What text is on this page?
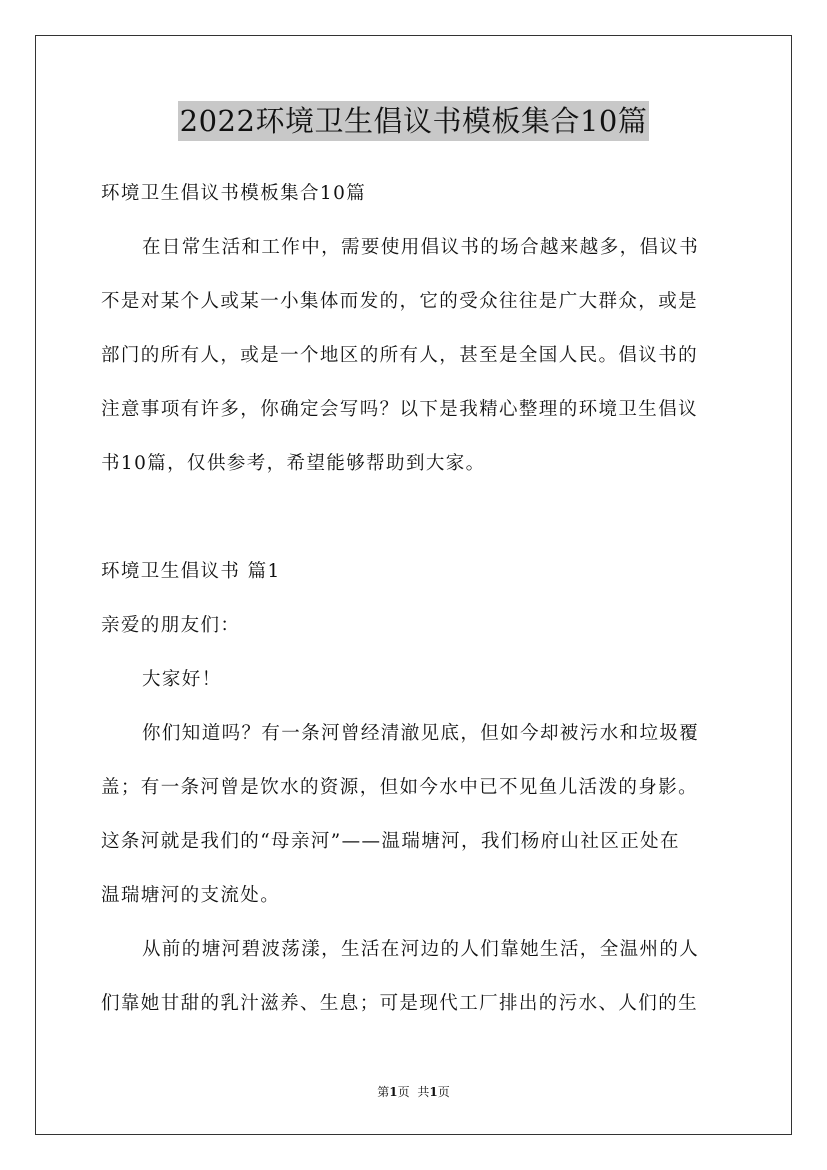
2022环境卫生倡议书模板集合10篇
环境卫生倡议书模板集合10篇
在日常生活和工作中，需要使用倡议书的场合越来越多，倡议书
不是对某个人或某一小集体而发的，它的受众往往是广大群众，或是
部门的所有人，或是一个地区的所有人，甚至是全国人民。倡议书的
注意事项有许多，你确定会写吗？以下是我精心整理的环境卫生倡议
书10篇，仅供参考，希望能够帮助到大家。
环境卫生倡议书 篇1
亲爱的朋友们：
大家好！
你们知道吗？有一条河曾经清澈见底，但如今却被污水和垃圾覆
盖；有一条河曾是饮水的资源，但如今水中已不见鱼儿活泼的身影。
这条河就是我们的“母亲河”——温瑞塘河，我们杨府山社区正处在
温瑞塘河的支流处。
从前的塘河碧波荡漾，生活在河边的人们靠她生活，全温州的人
们靠她甘甜的乳汁滋养、生息；可是现代工厂排出的污水、人们的生
第1页 共1页
